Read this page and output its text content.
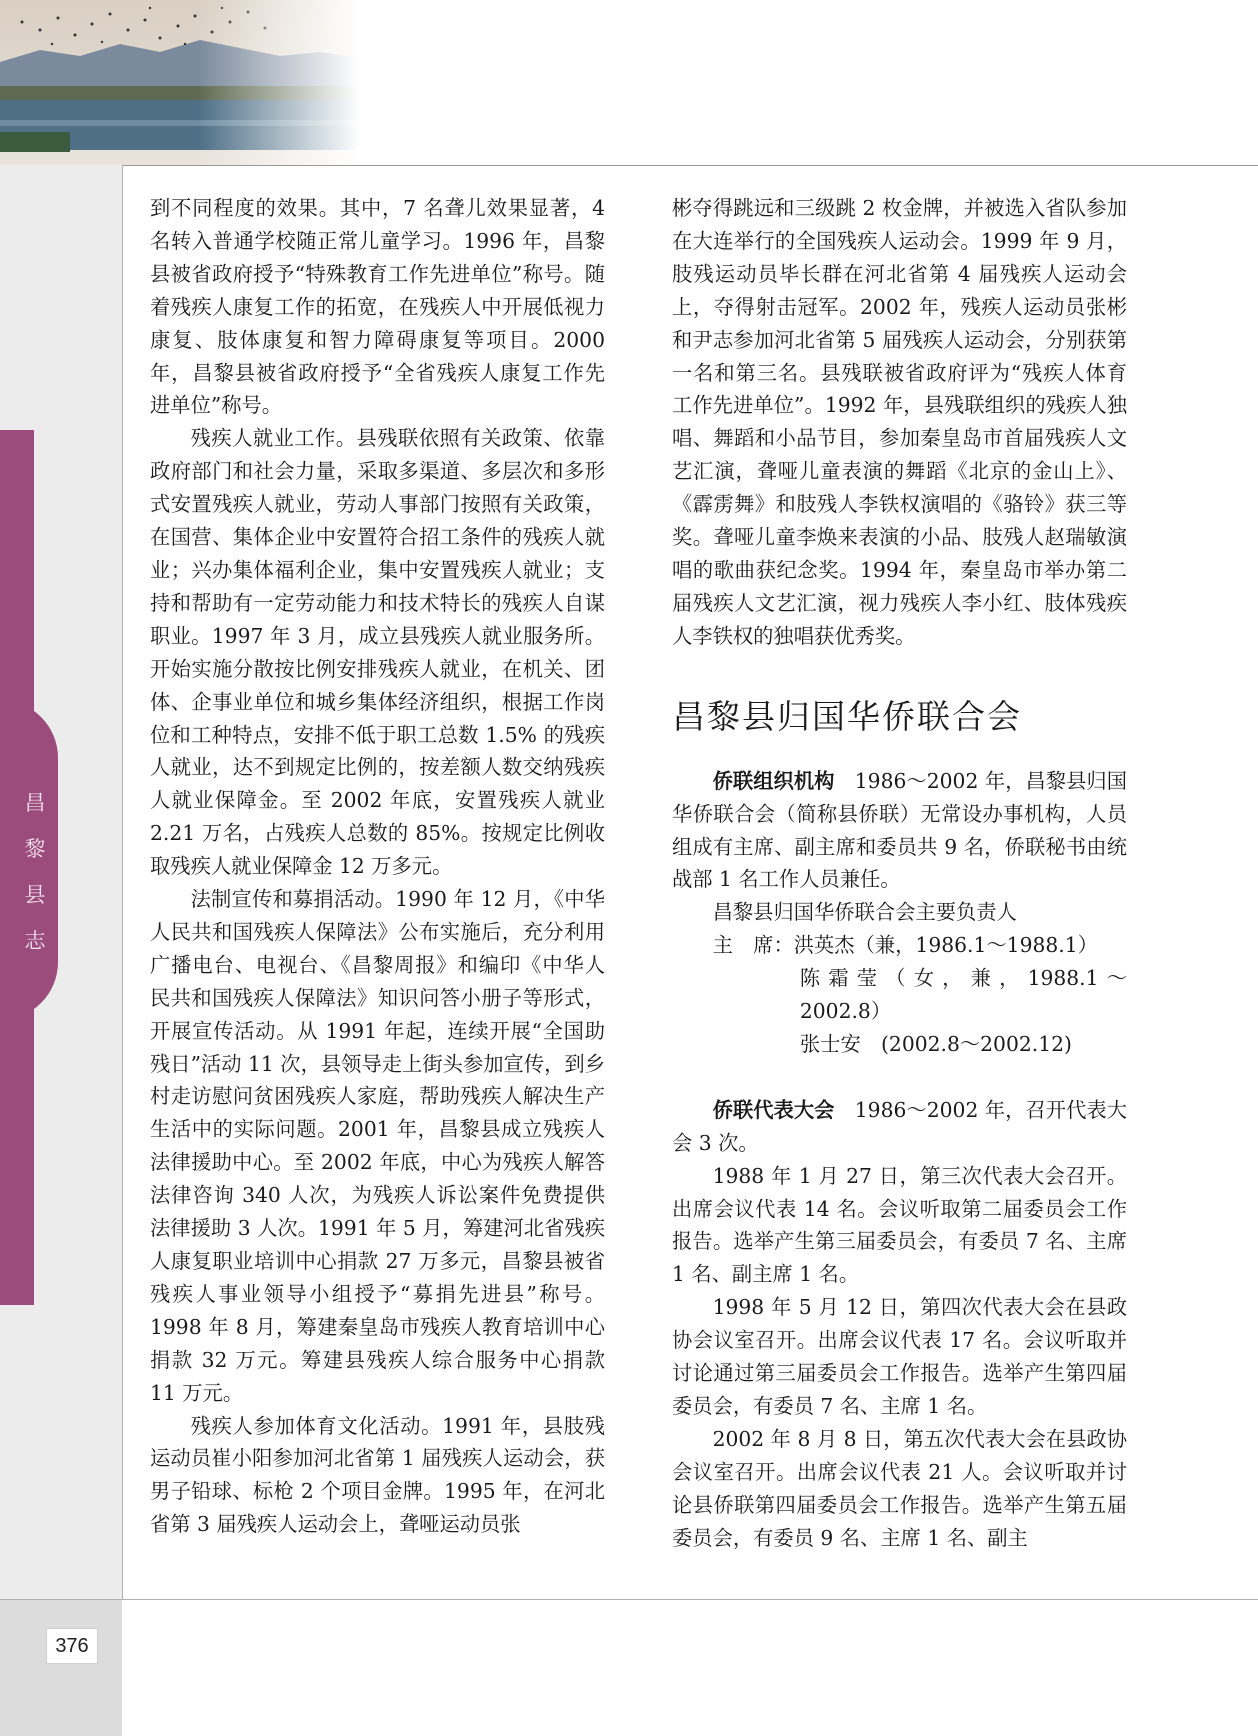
昌
黎
县
志

到不同程度的效果。其中，7 名聋儿效果显著，4 名转入普通学校随正常儿童学习。1996 年，昌黎县被省政府授予“特殊教育工作先进单位”称号。随着残疾人康复工作的拓宽，在残疾人中开展低视力康复、肢体康复和智力障碍康复等项目。2000 年，昌黎县被省政府授予“全省残疾人康复工作先进单位”称号。

残疾人就业工作。县残联依照有关政策、依靠政府部门和社会力量，采取多渠道、多层次和多形式安置残疾人就业，劳动人事部门按照有关政策，在国营、集体企业中安置符合招工条件的残疾人就业；兴办集体福利企业，集中安置残疾人就业；支持和帮助有一定劳动能力和技术特长的残疾人自谋职业。1997 年 3 月，成立县残疾人就业服务所。开始实施分散按比例安排残疾人就业，在机关、团体、企事业单位和城乡集体经济组织，根据工作岗位和工种特点，安排不低于职工总数 1.5% 的残疾人就业，达不到规定比例的，按差额人数交纳残疾人就业保障金。至 2002 年底，安置残疾人就业 2.21 万名，占残疾人总数的 85%。按规定比例收取残疾人就业保障金 12 万多元。

法制宣传和募捐活动。1990 年 12 月，《中华人民共和国残疾人保障法》公布实施后，充分利用广播电台、电视台、《昌黎周报》和编印《中华人民共和国残疾人保障法》知识问答小册子等形式，开展宣传活动。从 1991 年起，连续开展“全国助残日”活动 11 次，县领导走上街头参加宣传，到乡村走访慰问贫困残疾人家庭，帮助残疾人解决生产生活中的实际问题。2001 年，昌黎县成立残疾人法律援助中心。至 2002 年底，中心为残疾人解答法律咨询 340 人次，为残疾人诉讼案件免费提供法律援助 3 人次。1991 年 5 月，筹建河北省残疾人康复职业培训中心捐款 27 万多元，昌黎县被省残疾人事业领导小组授予“募捐先进县”称号。1998 年 8 月，筹建秦皇岛市残疾人教育培训中心捐款 32 万元。筹建县残疾人综合服务中心捐款 11 万元。

残疾人参加体育文化活动。1991 年，县肢残运动员崔小阳参加河北省第 1 届残疾人运动会，获男子铅球、标枪 2 个项目金牌。1995 年，在河北省第 3 届残疾人运动会上，聋哑运动员张

彬夺得跳远和三级跳 2 枚金牌，并被选入省队参加在大连举行的全国残疾人运动会。1999 年 9 月，肢残运动员毕长群在河北省第 4 届残疾人运动会上，夺得射击冠军。2002 年，残疾人运动员张彬和尹志参加河北省第 5 届残疾人运动会，分别获第一名和第三名。县残联被省政府评为“残疾人体育工作先进单位”。1992 年，县残联组织的残疾人独唱、舞蹈和小品节目，参加秦皇岛市首届残疾人文艺汇演，聋哑儿童表演的舞蹈《北京的金山上》、《霹雳舞》和肢残人李铁权演唱的《骆铃》获三等奖。聋哑儿童李焕来表演的小品、肢残人赵瑞敏演唱的歌曲获纪念奖。1994 年，秦皇岛市举办第二届残疾人文艺汇演，视力残疾人李小红、肢体残疾人李铁权的独唱获优秀奖。

昌黎县归国华侨联合会

侨联组织机构　1986～2002 年，昌黎县归国华侨联合会（简称县侨联）无常设办事机构，人员组成有主席、副主席和委员共 9 名，侨联秘书由统战部 1 名工作人员兼任。

昌黎县归国华侨联合会主要负责人

主　席：洪英杰（兼，1986.1～1988.1）

陈霜莹（女，兼，1988.1～2002.8）

张士安　(2002.8～2002.12)

侨联代表大会　1986～2002 年，召开代表大会 3 次。

1988 年 1 月 27 日，第三次代表大会召开。出席会议代表 14 名。会议听取第二届委员会工作报告。选举产生第三届委员会，有委员 7 名、主席 1 名、副主席 1 名。

1998 年 5 月 12 日，第四次代表大会在县政协会议室召开。出席会议代表 17 名。会议听取并讨论通过第三届委员会工作报告。选举产生第四届委员会，有委员 7 名、主席 1 名。

2002 年 8 月 8 日，第五次代表大会在县政协会议室召开。出席会议代表 21 人。会议听取并讨论县侨联第四届委员会工作报告。选举产生第五届委员会，有委员 9 名、主席 1 名、副主

376
